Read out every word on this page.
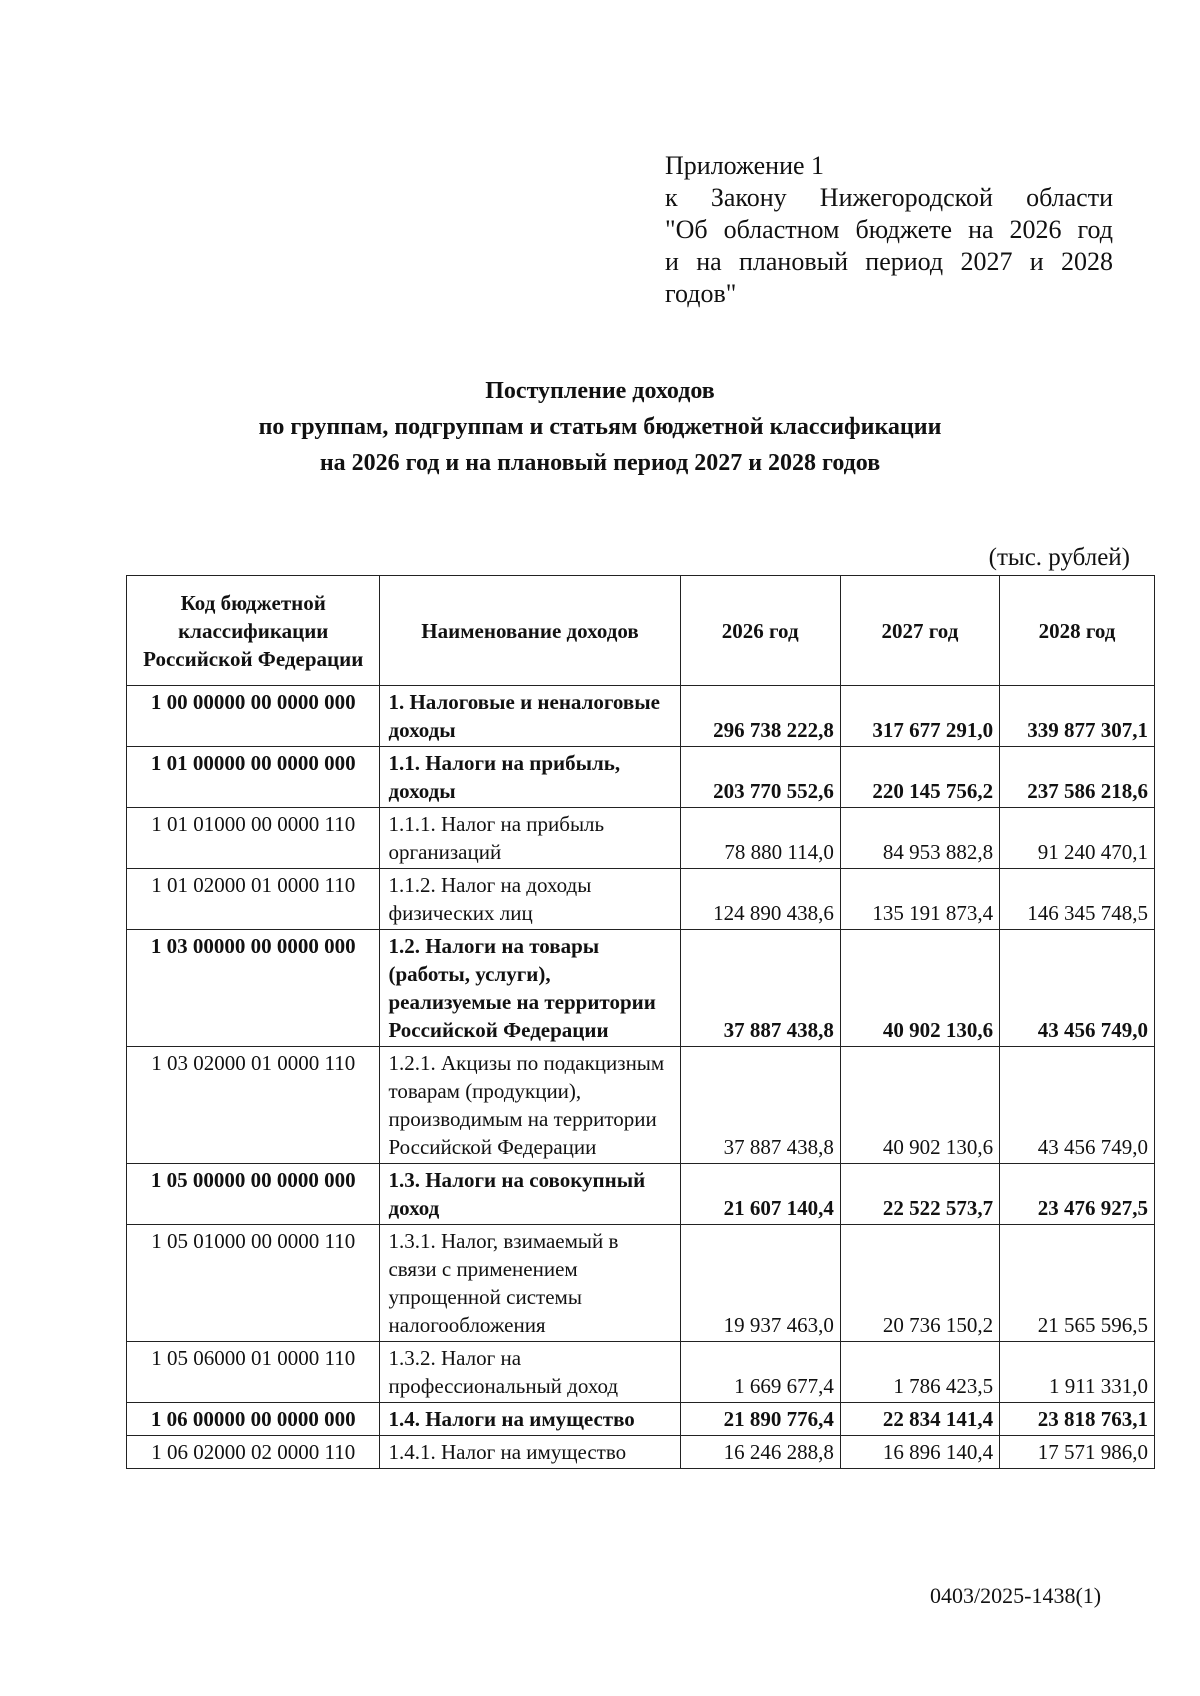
Приложение 1
к Закону Нижегородской области
"Об областном бюджете на 2026 год
и на плановый период 2027 и 2028
годов"
Поступление доходов
по группам, подгруппам и статьям бюджетной классификации
на 2026 год и на плановый период 2027 и 2028 годов
(тыс. рублей)
Код бюджетной классификации Российской Федерации	Наименование доходов	2026 год	2027 год	2028 год
1 00 00000 00 0000 000	1. Налоговые и неналоговые доходы	296 738 222,8	317 677 291,0	339 877 307,1
1 01 00000 00 0000 000	1.1. Налоги на прибыль, доходы	203 770 552,6	220 145 756,2	237 586 218,6
1 01 01000 00 0000 110	1.1.1. Налог на прибыль организаций	78 880 114,0	84 953 882,8	91 240 470,1
1 01 02000 01 0000 110	1.1.2. Налог на доходы физических лиц	124 890 438,6	135 191 873,4	146 345 748,5
1 03 00000 00 0000 000	1.2. Налоги на товары (работы, услуги), реализуемые на территории Российской Федерации	37 887 438,8	40 902 130,6	43 456 749,0
1 03 02000 01 0000 110	1.2.1. Акцизы по подакцизным товарам (продукции), производимым на территории Российской Федерации	37 887 438,8	40 902 130,6	43 456 749,0
1 05 00000 00 0000 000	1.3. Налоги на совокупный доход	21 607 140,4	22 522 573,7	23 476 927,5
1 05 01000 00 0000 110	1.3.1. Налог, взимаемый в связи с применением упрощенной системы налогообложения	19 937 463,0	20 736 150,2	21 565 596,5
1 05 06000 01 0000 110	1.3.2. Налог на профессиональный доход	1 669 677,4	1 786 423,5	1 911 331,0
1 06 00000 00 0000 000	1.4. Налоги на имущество	21 890 776,4	22 834 141,4	23 818 763,1
1 06 02000 02 0000 110	1.4.1. Налог на имущество	16 246 288,8	16 896 140,4	17 571 986,0
0403/2025-1438(1)
